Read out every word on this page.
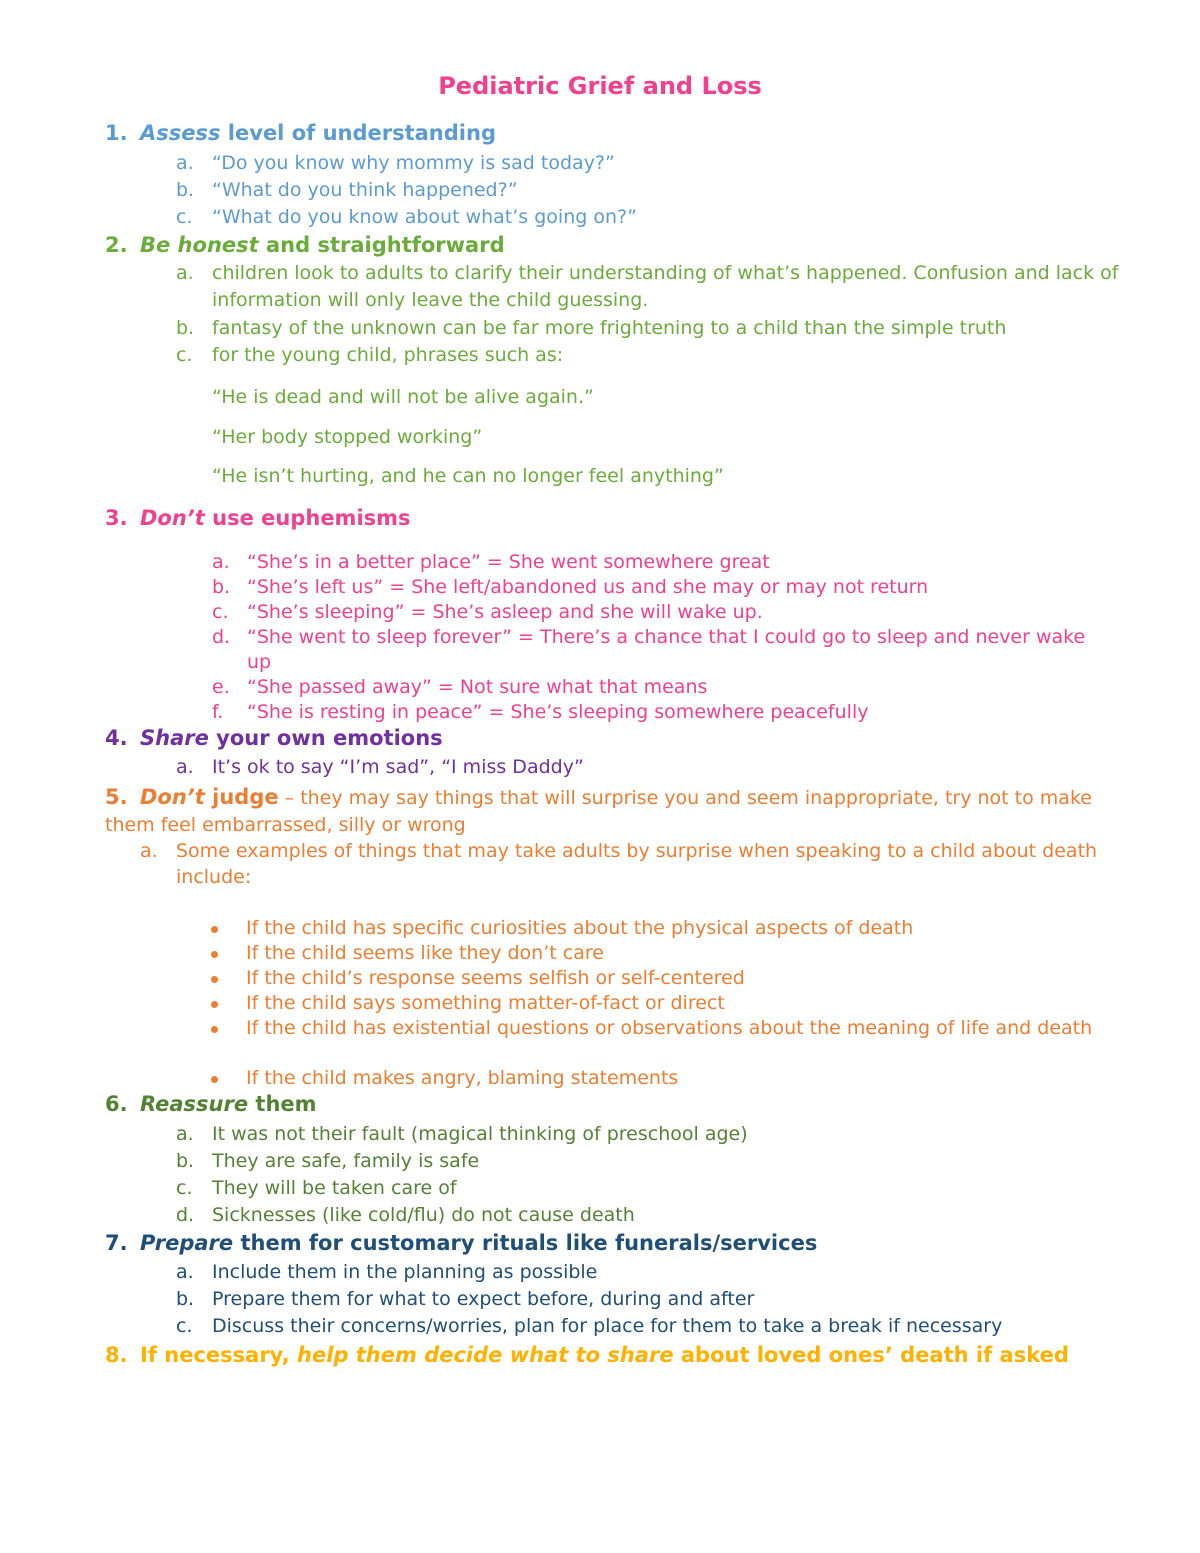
Pediatric Grief and Loss
1. Assess level of understanding
a. “Do you know why mommy is sad today?”
b. “What do you think happened?”
c.	“What do you know about what’s going on?”
2. Be honest and straightforward
a. children look to adults to clarify their understanding of what’s happened. Confusion and lack of information will only leave the child guessing.
b. fantasy of the unknown can be far more frightening to a child than the simple truth
c.	for the young child, phrases such as:
“He is dead and will not be alive again.”
“Her body stopped working”
“He isn’t hurting, and he can no longer feel anything”
3. Don’t use euphemisms
a. “She’s in a better place” = She went somewhere great
b. “She’s left us” = She left/abandoned us and she may or may not return
c. “She’s sleeping” = She’s asleep and she will wake up.
d. “She went to sleep forever” = There’s a chance that I could go to sleep and never wake up
e. “She passed away” = Not sure what that means
f.	“She is resting in peace” = She’s sleeping somewhere peacefully
4. Share your own emotions
a. It’s ok to say “I’m sad”, “I miss Daddy”
5. Don’t judge – they may say things that will surprise you and seem inappropriate, try not to make them feel embarrassed, silly or wrong
a. Some examples of things that may take adults by surprise when speaking to a child about death include:
If the child has specific curiosities about the physical aspects of death
If the child seems like they don’t care
If the child’s response seems selfish or self-centered
If the child says something matter-of-fact or direct
If the child has existential questions or observations about the meaning of life and death
If the child makes angry, blaming statements
6. Reassure them
a. It was not their fault (magical thinking of preschool age)
b. They are safe, family is safe
c.	They will be taken care of
d. Sicknesses (like cold/flu) do not cause death
7. Prepare them for customary rituals like funerals/services
a. Include them in the planning as possible
b. Prepare them for what to expect before, during and after
c.	Discuss their concerns/worries, plan for place for them to take a break if necessary
8. If necessary, help them decide what to share about loved ones’ death if asked
